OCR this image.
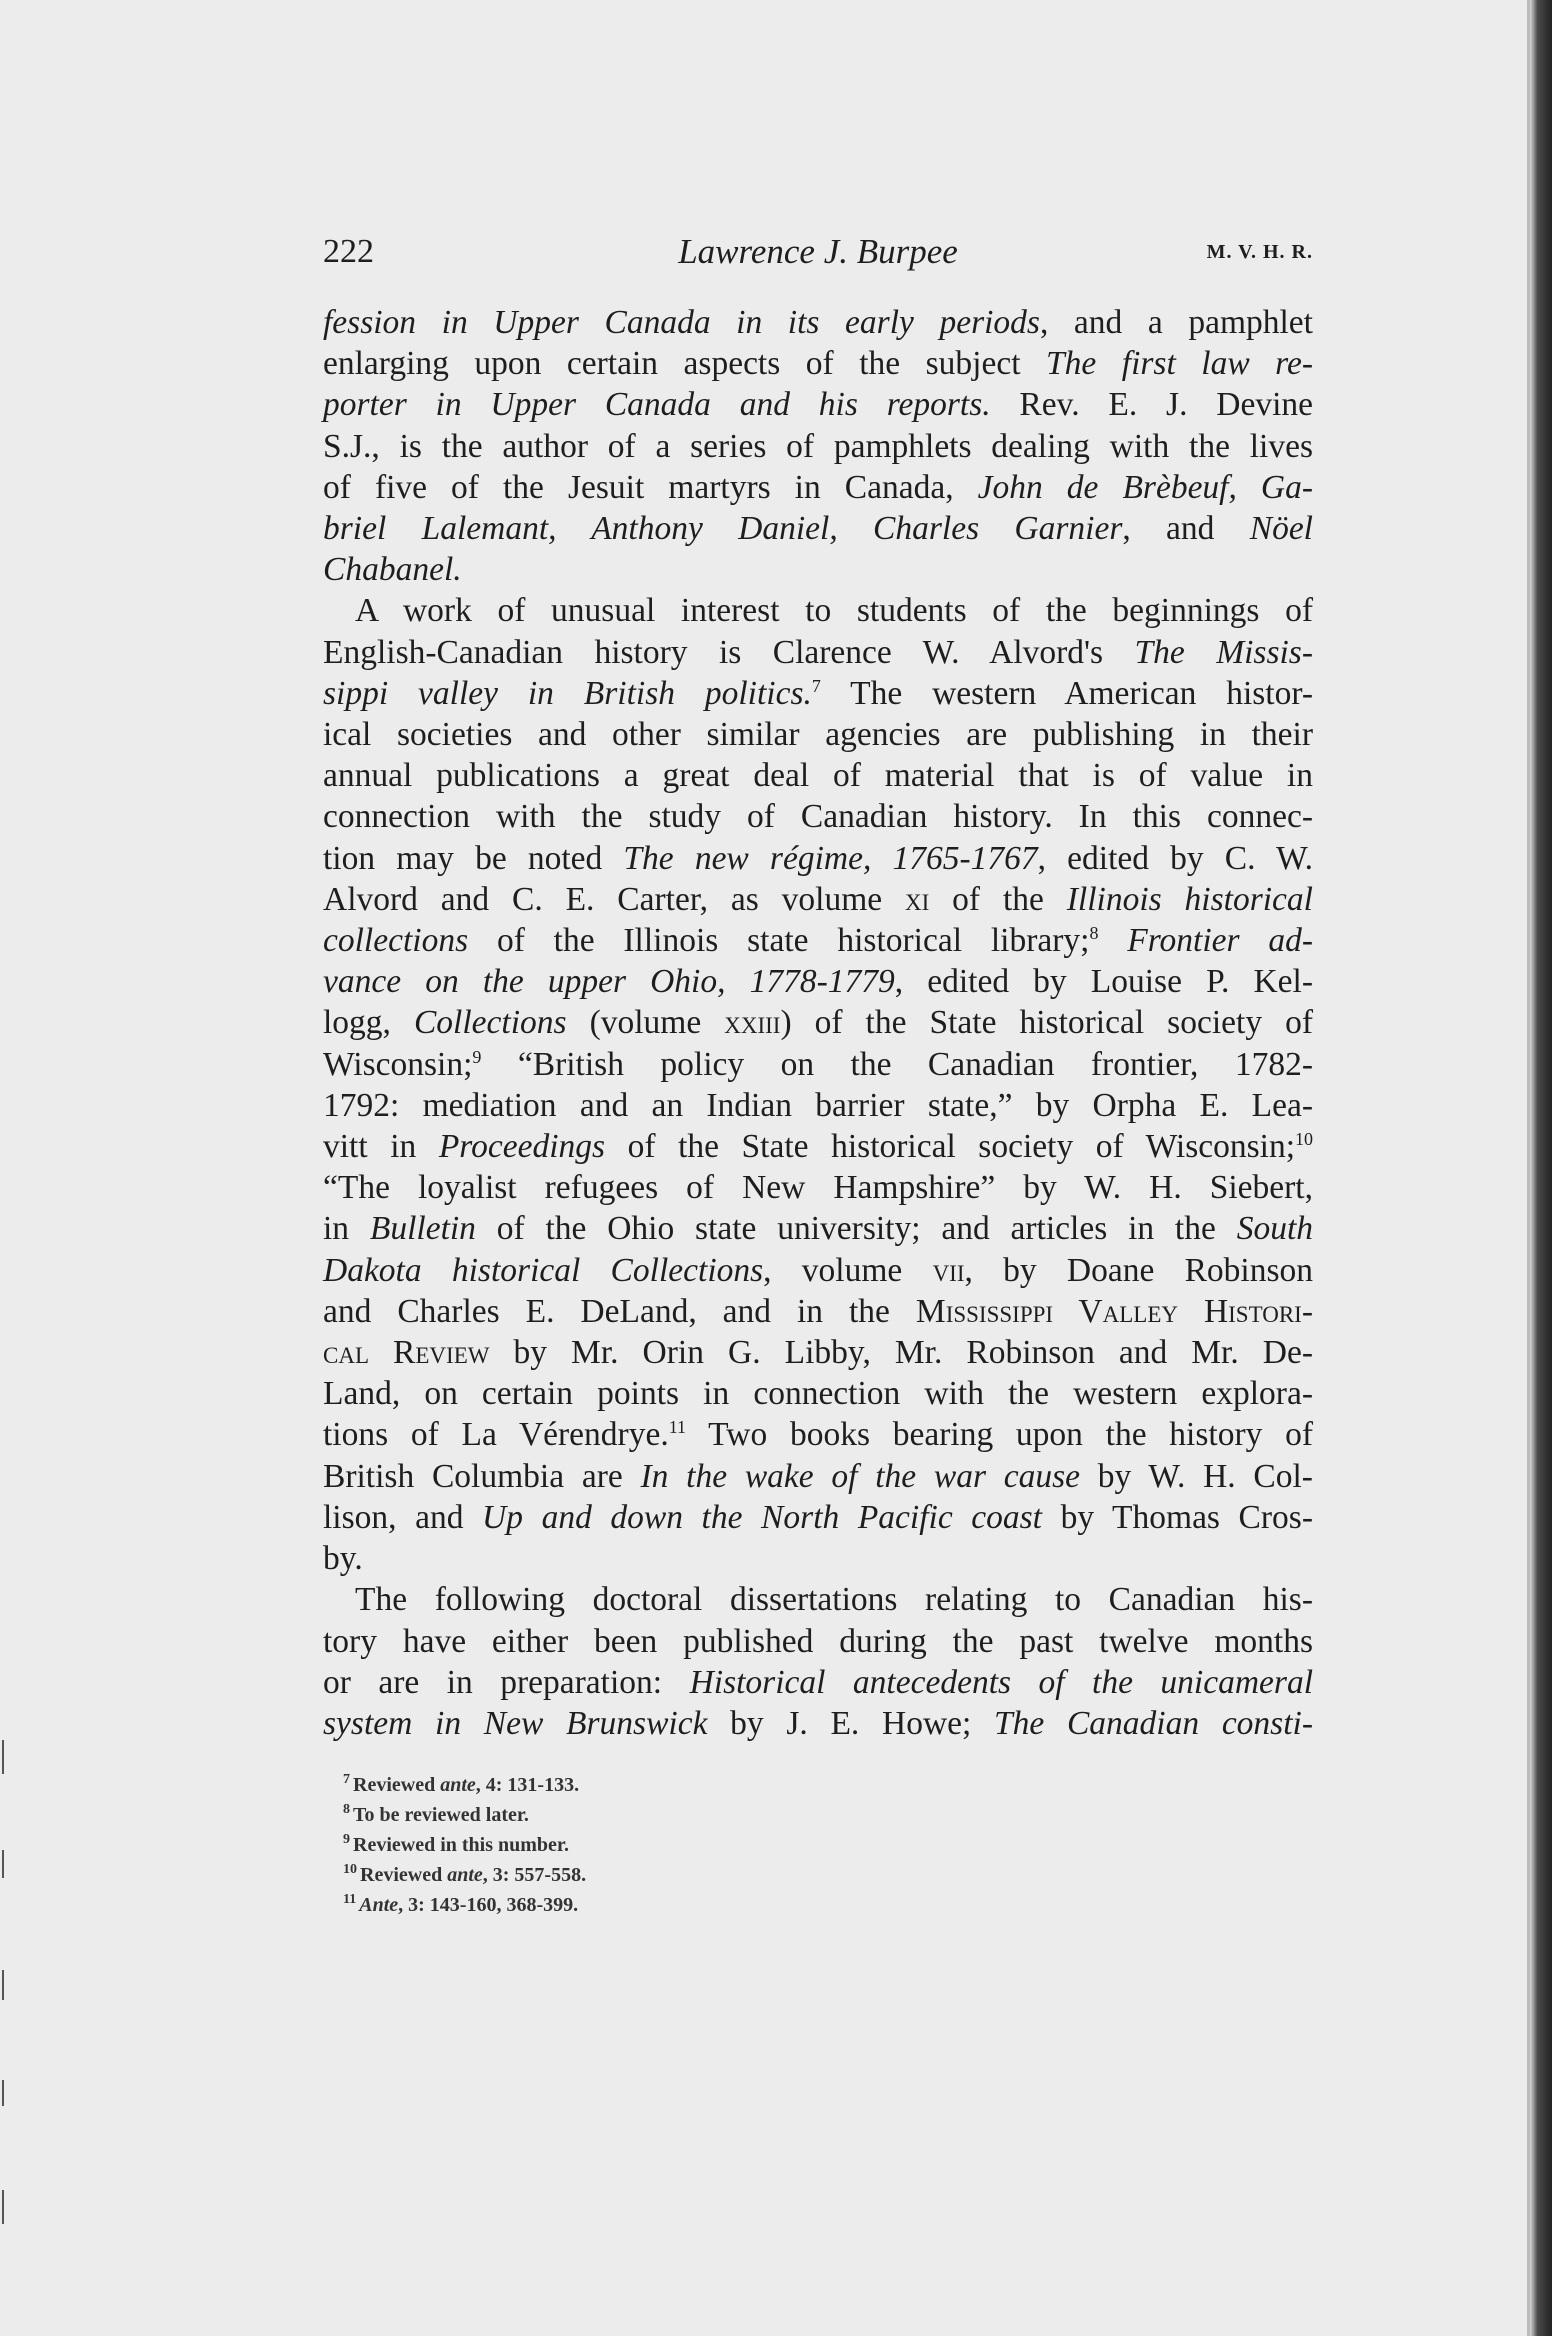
222	Lawrence J. Burpee	M. V. H. R.

fession in Upper Canada in its early periods, and a pamphlet
enlarging upon certain aspects of the subject The first law re-
porter in Upper Canada and his reports. Rev. E. J. Devine
S.J., is the author of a series of pamphlets dealing with the lives
of five of the Jesuit martyrs in Canada, John de Brèbeuf, Ga-
briel Lalemant, Anthony Daniel, Charles Garnier, and Nöel
Chabanel.

A work of unusual interest to students of the beginnings of
English-Canadian history is Clarence W. Alvord's The Missis-
sippi valley in British politics.$^7$ The western American histor-
ical societies and other similar agencies are publishing in their
annual publications a great deal of material that is of value in
connection with the study of Canadian history. In this connec-
tion may be noted The new régime, 1765-1767, edited by C. W.
Alvord and C. E. Carter, as volume xi of the Illinois historical
collections of the Illinois state historical library;$^8$ Frontier ad-
vance on the upper Ohio, 1778-1779, edited by Louise P. Kel-
logg, Collections (volume xxiii) of the State historical society of
Wisconsin;$^9$ “British policy on the Canadian frontier, 1782-
1792: mediation and an Indian barrier state,” by Orpha E. Lea-
vitt in Proceedings of the State historical society of Wisconsin;$^{10}$
“The loyalist refugees of New Hampshire” by W. H. Siebert,
in Bulletin of the Ohio state university; and articles in the South
Dakota historical Collections, volume vii, by Doane Robinson
and Charles E. DeLand, and in the Mississippi Valley Histori-
cal Review by Mr. Orin G. Libby, Mr. Robinson and Mr. De-
Land, on certain points in connection with the western explora-
tions of La Vérendrye.$^{11}$ Two books bearing upon the history of
British Columbia are In the wake of the war cause by W. H. Col-
lison, and Up and down the North Pacific coast by Thomas Cros-
by.

The following doctoral dissertations relating to Canadian his-
tory have either been published during the past twelve months
or are in preparation: Historical antecedents of the unicameral
system in New Brunswick by J. E. Howe; The Canadian consti-

$^7$ Reviewed ante, 4: 131-133.
$^8$ To be reviewed later.
$^9$ Reviewed in this number.
$^{10}$ Reviewed ante, 3: 557-558.
$^{11}$ Ante, 3: 143-160, 368-399.
